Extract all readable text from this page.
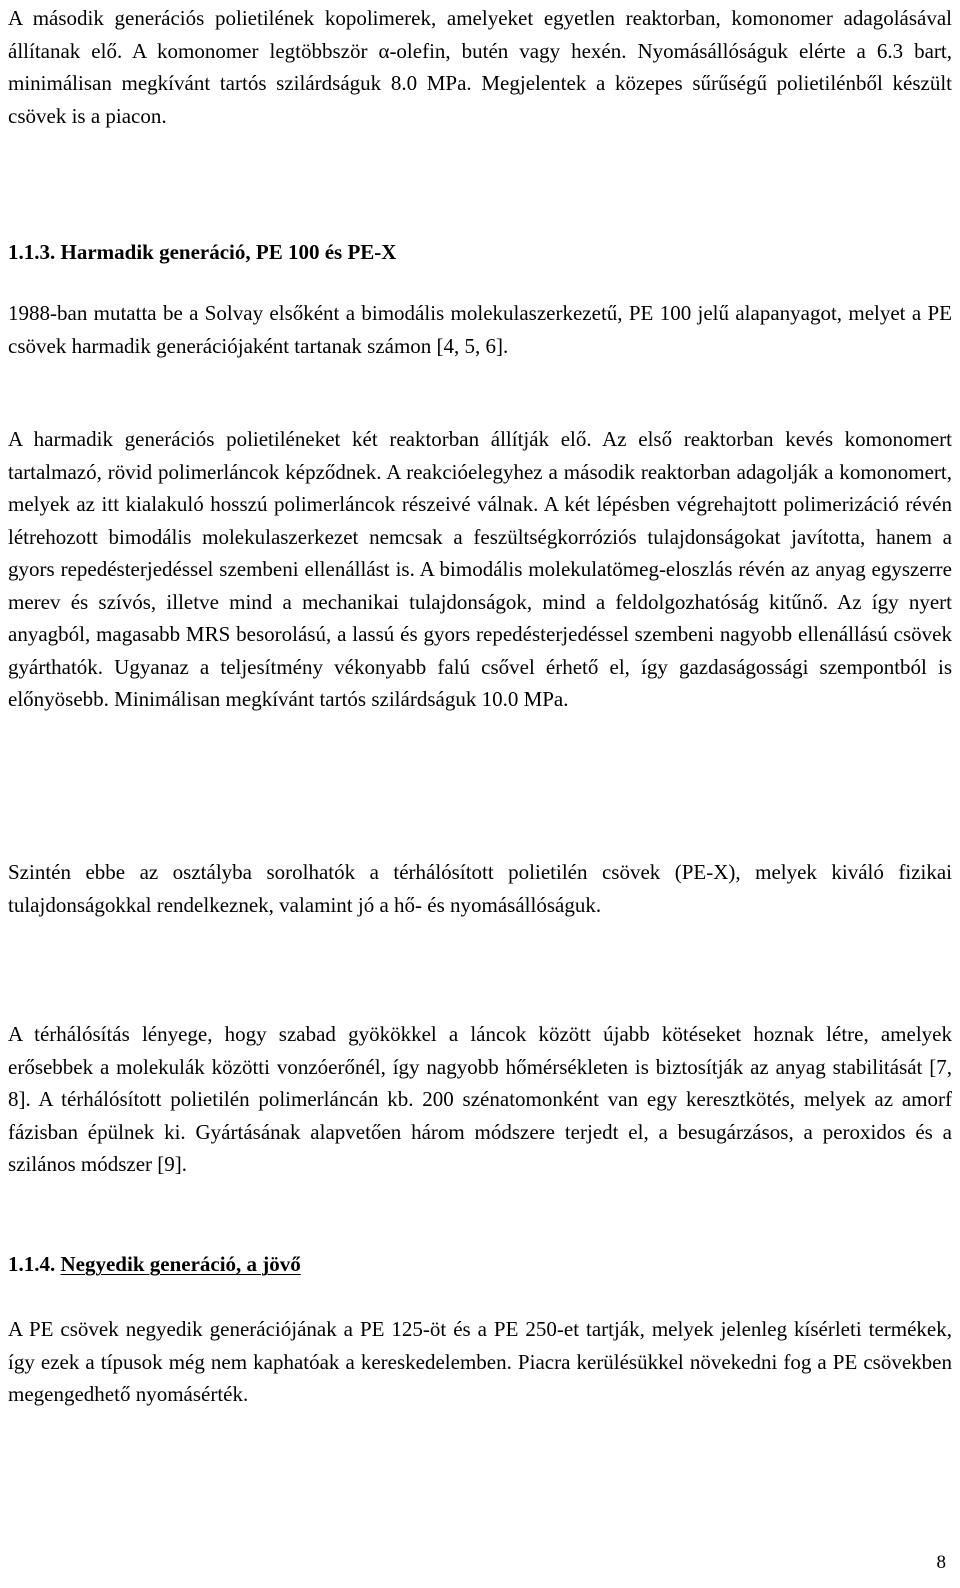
A második generációs polietilének kopolimerek, amelyeket egyetlen reaktorban, komonomer adagolásával állítanak elő. A komonomer legtöbbször α-olefin, butén vagy hexén. Nyomásállóságuk elérte a 6.3 bart, minimálisan megkívánt tartós szilárdságuk 8.0 MPa. Megjelentek a közepes sűrűségű polietilénből készült csövek is a piacon.

1.1.3. Harmadik generáció, PE 100 és PE-X

1988-ban mutatta be a Solvay elsőként a bimodális molekulaszerkezetű, PE 100 jelű alapanyagot, melyet a PE csövek harmadik generációjaként tartanak számon [4, 5, 6].

A harmadik generációs polietiléneket két reaktorban állítják elő. Az első reaktorban kevés komonomert tartalmazó, rövid polimerláncok képződnek. A reakcióelegyhez a második reaktorban adagolják a komonomert, melyek az itt kialakuló hosszú polimerláncok részeivé válnak. A két lépésben végrehajtott polimerizáció révén létrehozott bimodális molekulaszerkezet nemcsak a feszültségkorróziós tulajdonságokat javította, hanem a gyors repedésterjedéssel szembeni ellenállást is. A bimodális molekulatömeg-eloszlás révén az anyag egyszerre merev és szívós, illetve mind a mechanikai tulajdonságok, mind a feldolgozhatóság kitűnő. Az így nyert anyagból, magasabb MRS besorolású, a lassú és gyors repedésterjedéssel szembeni nagyobb ellenállású csövek gyárthatók. Ugyanaz a teljesítmény vékonyabb falú csővel érhető el, így gazdaságossági szempontból is előnyösebb. Minimálisan megkívánt tartós szilárdságuk 10.0 MPa.

Szintén ebbe az osztályba sorolhatók a térhálósított polietilén csövek (PE-X), melyek kiváló fizikai tulajdonságokkal rendelkeznek, valamint jó a hő- és nyomásállóságuk.

A térhálósítás lényege, hogy szabad gyökökkel a láncok között újabb kötéseket hoznak létre, amelyek erősebbek a molekulák közötti vonzóerőnél, így nagyobb hőmérsékleten is biztosítják az anyag stabilitását [7, 8]. A térhálósított polietilén polimerláncán kb. 200 szénatomonként van egy keresztkötés, melyek az amorf fázisban épülnek ki. Gyártásának alapvetően három módszere terjedt el, a besugárzásos, a peroxidos és a szilános módszer [9].

1.1.4. Negyedik generáció, a jövő

A PE csövek negyedik generációjának a PE 125-öt és a PE 250-et tartják, melyek jelenleg kísérleti termékek, így ezek a típusok még nem kaphatóak a kereskedelemben. Piacra kerülésükkel növekedni fog a PE csövekben megengedhető nyomásérték.

8
